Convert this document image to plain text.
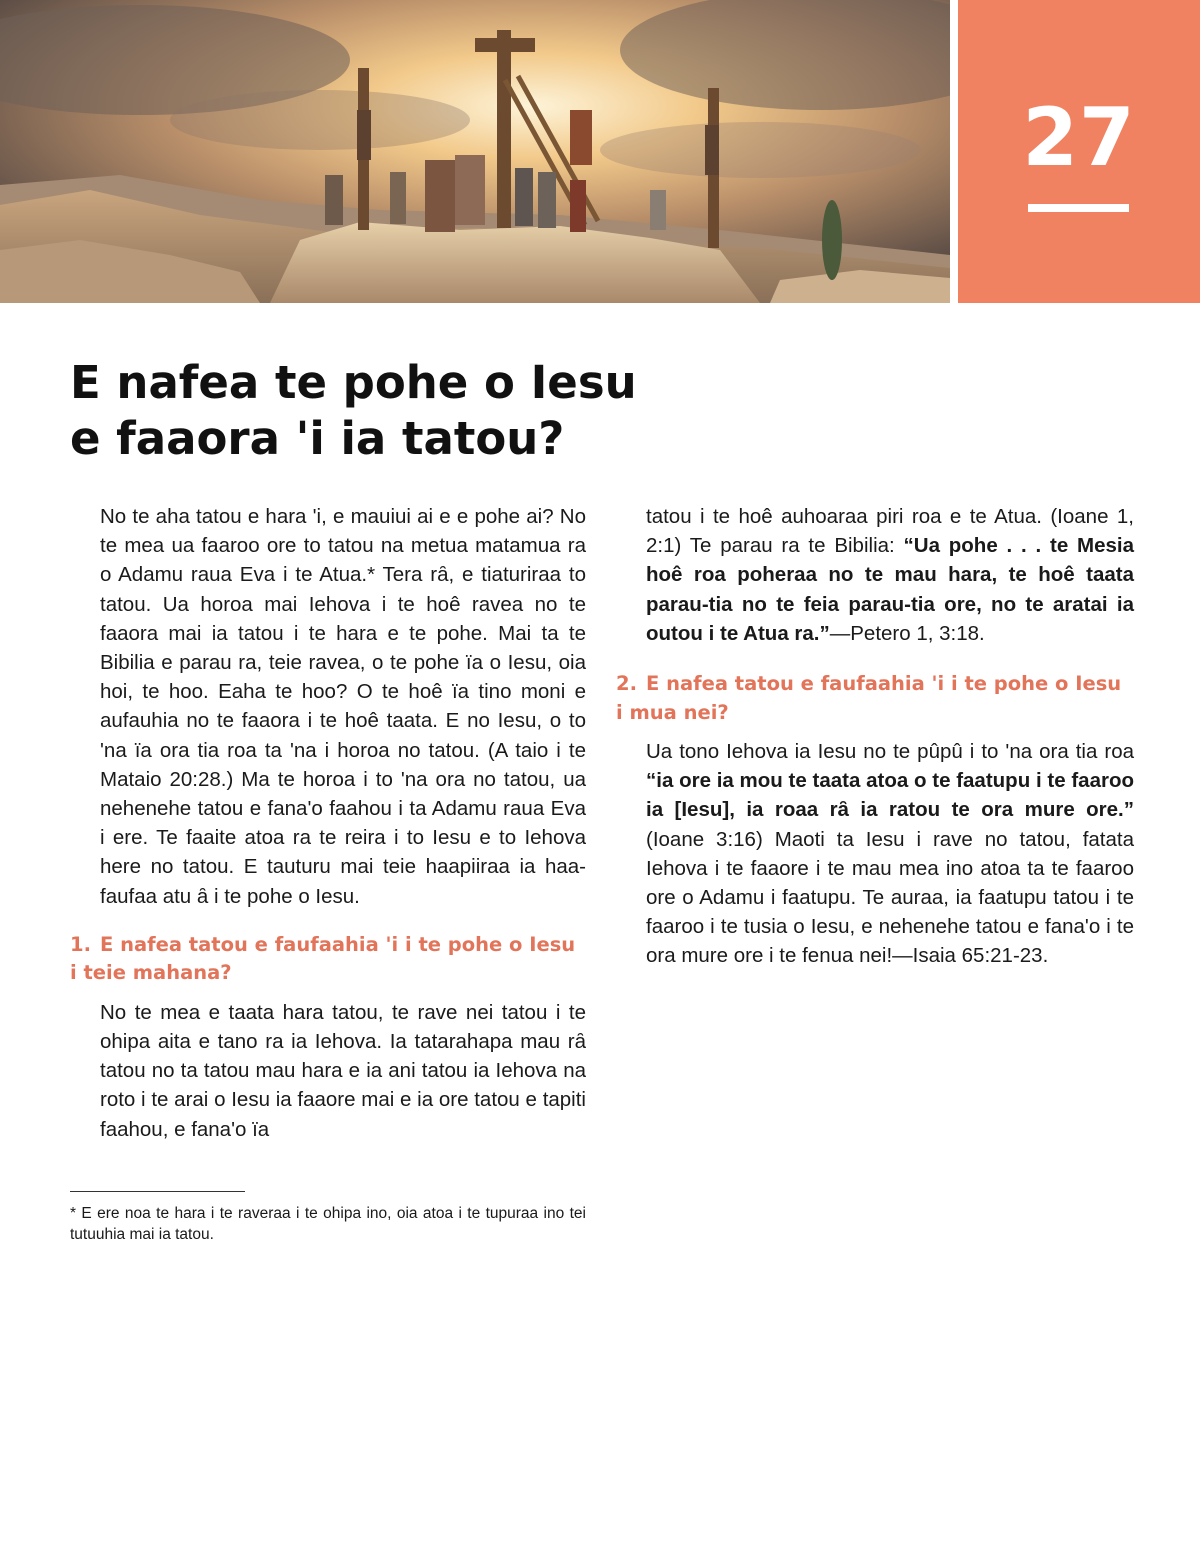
27
E nafea te pohe o Iesu
e faaora 'i ia tatou?

No te aha tatou e hara 'i, e mauiui ai e e pohe ai? No te mea ua faaroo ore to tatou na metua matamua ra o Adamu raua Eva i te Atua.* Tera rȃ, e tiaturiraa to tatou. Ua horoa mai Iehova i te hoê ravea no te faaora mai ia tatou i te hara e te pohe. Mai ta te Bibilia e parau ra, teie ravea, o te pohe ïa o Iesu, oia hoi, te hoo. Eaha te hoo? O te hoê ïa tino moni e aufauhia no te faaora i te hoê taata. E no Iesu, o to 'na ïa ora tia roa ta 'na i horoa no tatou. (A taio i te Mataio 20:28.) Ma te horoa i to 'na ora no tatou, ua nehenehe tatou e fana'o faahou i ta Adamu raua Eva i ere. Te faaite atoa ra te reira i to Iesu e to Iehova here no tatou. E tauturu mai teie haapiiraa ia haafaufaa atu ȃ i te pohe o Iesu.

1. E nafea tatou e faufaahia 'i i te pohe o Iesu
i teie mahana?

No te mea e taata hara tatou, te rave nei tatou i te ohipa aita e tano ra ia Iehova. Ia tatarahapa mau rȃ tatou no ta tatou mau hara e ia ani tatou ia Iehova na roto i te arai o Iesu ia faaore mai e ia ore tatou e tapiti faahou, e fana'o ïa

* E ere noa te hara i te raveraa i te ohipa ino, oia atoa i te tupuraa ino tei tutuuhia mai ia tatou.

tatou i te hoê auhoaraa piri roa e te Atua. (Ioane 1, 2:1) Te parau ra te Bibilia: “Ua pohe . . . te Mesia hoê roa poheraa no te mau hara, te hoê taata parau-tia no te feia parau-tia ore, no te aratai ia outou i te Atua ra.”—Petero 1, 3:18.

2. E nafea tatou e faufaahia 'i i te pohe o Iesu
i mua nei?

Ua tono Iehova ia Iesu no te pûpû i to 'na ora tia roa “ia ore ia mou te taata atoa o te faatupu i te faaroo ia [Iesu], ia roaa rȃ ia ratou te ora mure ore.” (Ioane 3:16) Maoti ta Iesu i rave no tatou, fatata Iehova i te faaore i te mau mea ino atoa ta te faaroo ore o Adamu i faatupu. Te auraa, ia faatupu tatou i te faaroo i te tusia o Iesu, e nehenehe tatou e fana'o i te ora mure ore i te fenua nei!—Isaia 65:21-23.
